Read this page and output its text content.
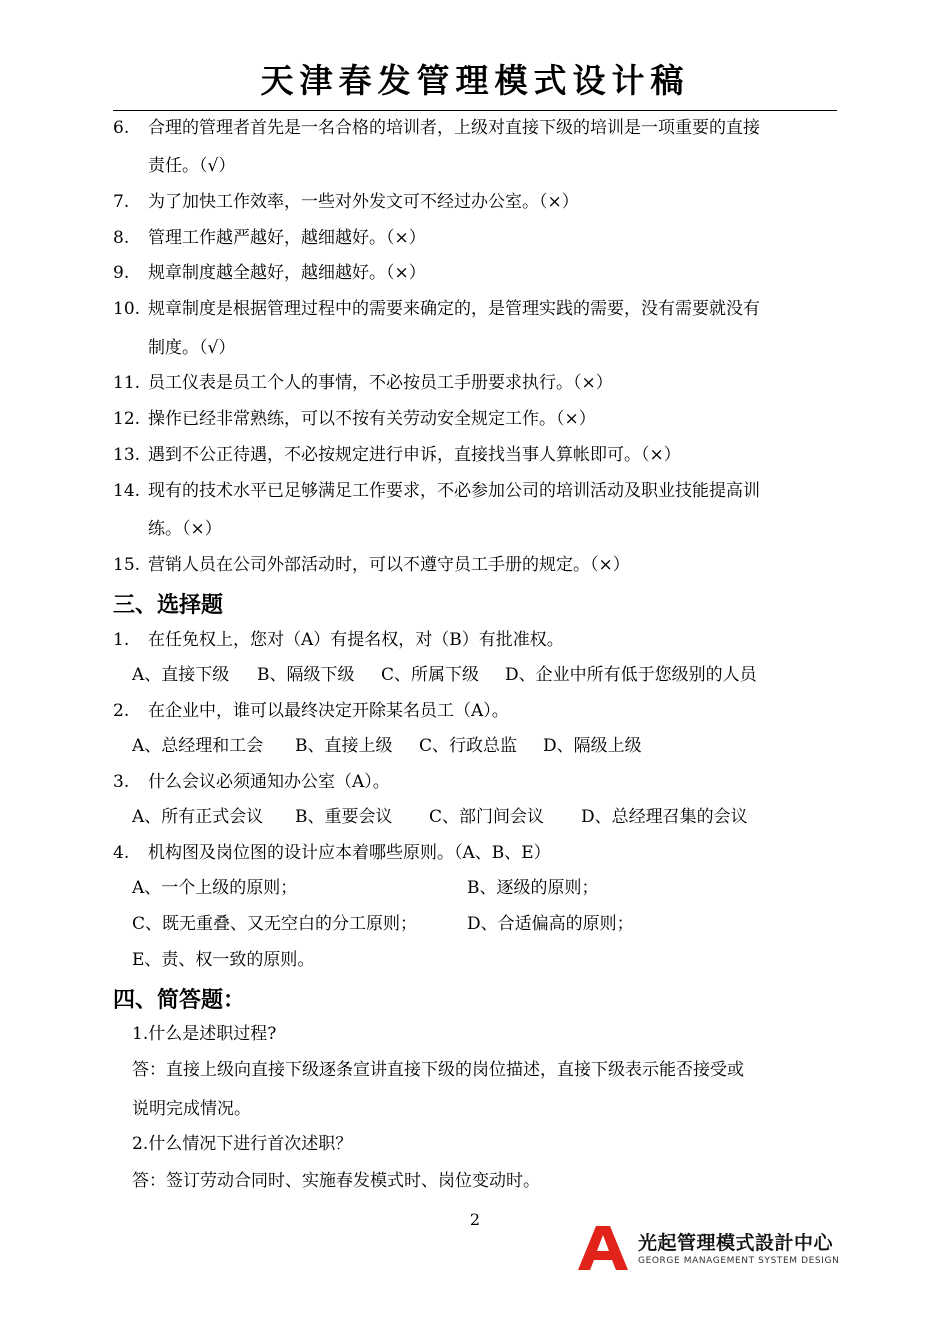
天津春发管理模式设计稿
6. 合理的管理者首先是一名合格的培训者，上级对直接下级的培训是一项重要的直接
责任。（√）
7. 为了加快工作效率，一些对外发文可不经过办公室。（×）
8. 管理工作越严越好，越细越好。（×）
9. 规章制度越全越好，越细越好。（×）
10. 规章制度是根据管理过程中的需要来确定的，是管理实践的需要，没有需要就没有
制度。（√）
11. 员工仪表是员工个人的事情，不必按员工手册要求执行。（×）
12. 操作已经非常熟练，可以不按有关劳动安全规定工作。（×）
13. 遇到不公正待遇，不必按规定进行申诉，直接找当事人算帐即可。（×）
14. 现有的技术水平已足够满足工作要求，不必参加公司的培训活动及职业技能提高训
练。（×）
15. 营销人员在公司外部活动时，可以不遵守员工手册的规定。（×）
三、选择题
1. 在任免权上，您对（A）有提名权，对（B）有批准权。
A、直接下级 B、隔级下级 C、所属下级 D、企业中所有低于您级别的人员
2. 在企业中，谁可以最终决定开除某名员工（A）。
A、总经理和工会 B、直接上级 C、行政总监 D、隔级上级
3. 什么会议必须通知办公室（A）。
A、所有正式会议 B、重要会议 C、部门间会议 D、总经理召集的会议
4. 机构图及岗位图的设计应本着哪些原则。（A、B、E）
A、一个上级的原则；	B、逐级的原则；
C、既无重叠、又无空白的分工原则；	D、合适偏高的原则；
E、责、权一致的原则。
四、简答题：
1.什么是述职过程?
答：直接上级向直接下级逐条宣讲直接下级的岗位描述，直接下级表示能否接受或
说明完成情况。
2.什么情况下进行首次述职？
答：签订劳动合同时、实施春发模式时、岗位变动时。
2
光起管理模式設計中心
GEORGE MANAGEMENT SYSTEM DESIGN
